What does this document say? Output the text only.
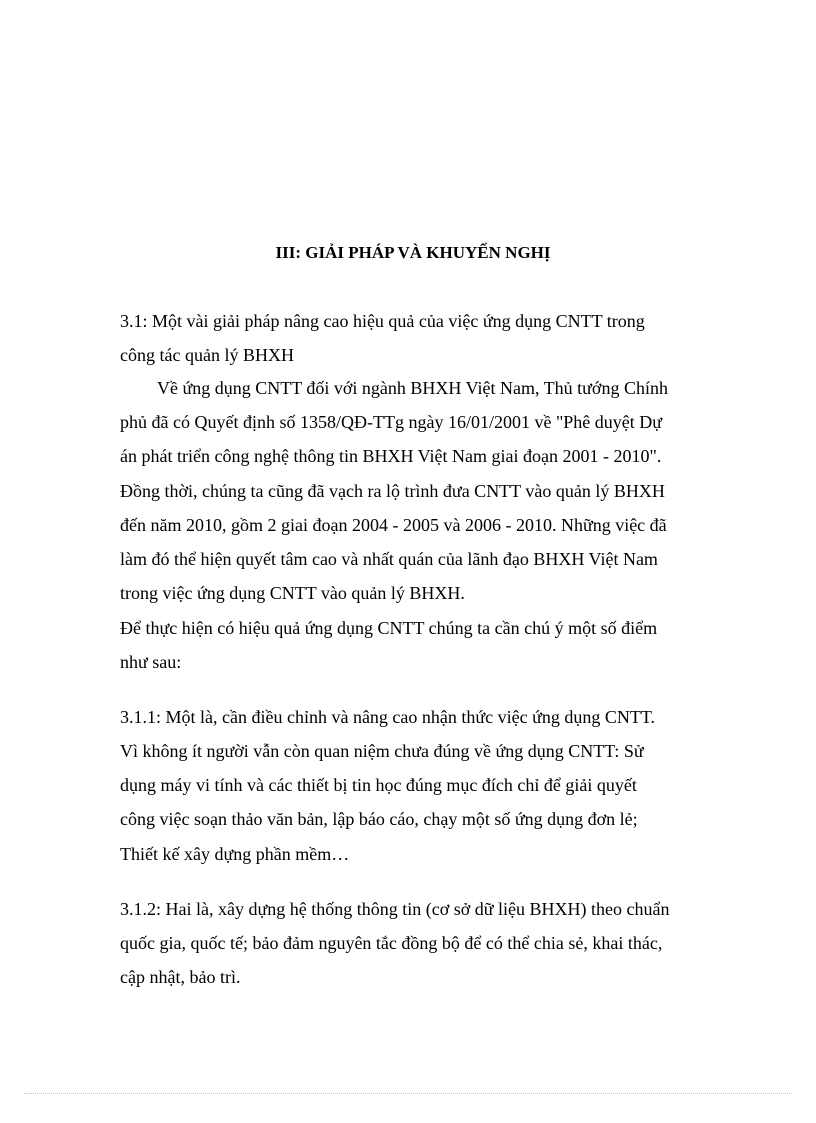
III: GIẢI PHÁP VÀ KHUYẾN NGHỊ
3.1: Một vài giải pháp nâng cao hiệu quả của việc ứng dụng CNTT trong
công tác quản lý BHXH
Về ứng dụng CNTT đối với ngành BHXH Việt Nam, Thủ tướng Chính
phủ đã có Quyết định số 1358/QĐ-TTg ngày 16/01/2001 về "Phê duyệt Dự
án phát triển công nghệ thông tin BHXH Việt Nam giai đoạn 2001 - 2010".
Đồng thời, chúng ta cũng đã vạch ra lộ trình đưa CNTT vào quản lý BHXH
đến năm 2010, gồm 2 giai đoạn 2004 - 2005 và 2006 - 2010. Những việc đã
làm đó thể hiện quyết tâm cao và nhất quán của lãnh đạo BHXH Việt Nam
trong việc ứng dụng CNTT vào quản lý BHXH.
Để thực hiện có hiệu quả ứng dụng CNTT chúng ta cần chú ý một số điểm
như sau:
3.1.1: Một là, cần điều chỉnh và nâng cao nhận thức việc ứng dụng CNTT.
Vì không ít người vẫn còn quan niệm chưa đúng về ứng dụng CNTT: Sử
dụng máy vi tính và các thiết bị tin học đúng mục đích chỉ để giải quyết
công việc soạn thảo văn bản, lập báo cáo, chạy một số ứng dụng đơn lẻ;
Thiết kế xây dựng phần mềm…
3.1.2: Hai là, xây dựng hệ thống thông tin (cơ sở dữ liệu BHXH) theo chuẩn
quốc gia, quốc tế; bảo đảm nguyên tắc đồng bộ để có thể chia sẻ, khai thác,
cập nhật, bảo trì.
